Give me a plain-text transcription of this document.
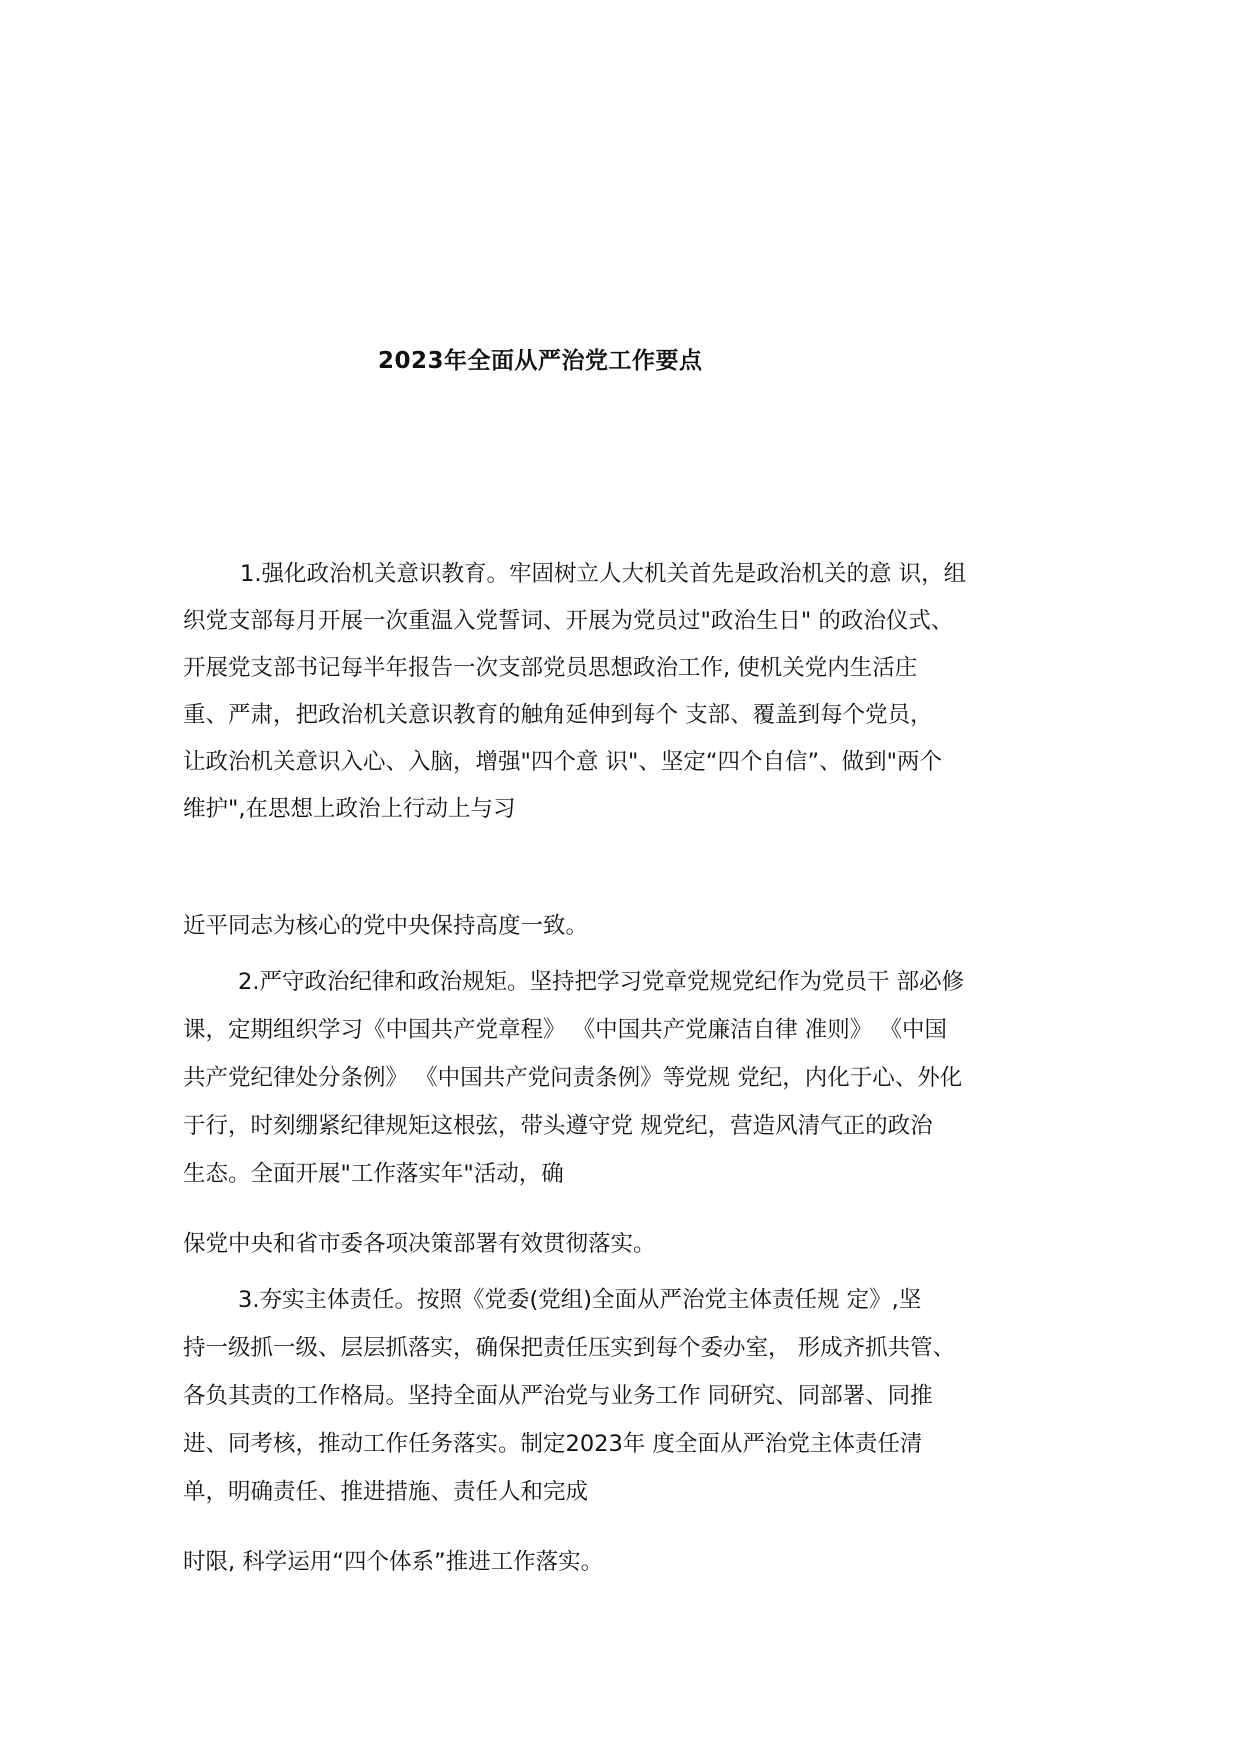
2023年全面从严治党工作要点

1.强化政治机关意识教育。牢固树立人大机关首先是政治机关的意 识，组

织党支部每月开展一次重温入党誓词、开展为党员过"政治生日" 的政治仪式、

开展党支部书记每半年报告一次支部党员思想政治工作, 使机关党内生活庄

重、严肃，把政治机关意识教育的触角延伸到每个 支部、覆盖到每个党员，

让政治机关意识入心、入脑，增强"四个意 识"、坚定“四个自信”、做到"两个

维护",在思想上政治上行动上与习

近平同志为核心的党中央保持高度一致。

2.严守政治纪律和政治规矩。坚持把学习党章党规党纪作为党员干 部必修

课，定期组织学习《中国共产党章程》 《中国共产党廉洁自律 准则》 《中国

共产党纪律处分条例》 《中国共产党问责条例》等党规 党纪，内化于心、外化

于行，时刻绷紧纪律规矩这根弦，带头遵守党 规党纪，营造风清气正的政治

生态。全面开展"工作落实年"活动，确

保党中央和省市委各项决策部署有效贯彻落实。

3.夯实主体责任。按照《党委(党组)全面从严治党主体责任规 定》,坚

持一级抓一级、层层抓落实，确保把责任压实到每个委办室， 形成齐抓共管、

各负其责的工作格局。坚持全面从严治党与业务工作 同研究、同部署、同推

进、同考核，推动工作任务落实。制定2023年 度全面从严治党主体责任清

单，明确责任、推进措施、责任人和完成

时限, 科学运用“四个体系”推进工作落实。
